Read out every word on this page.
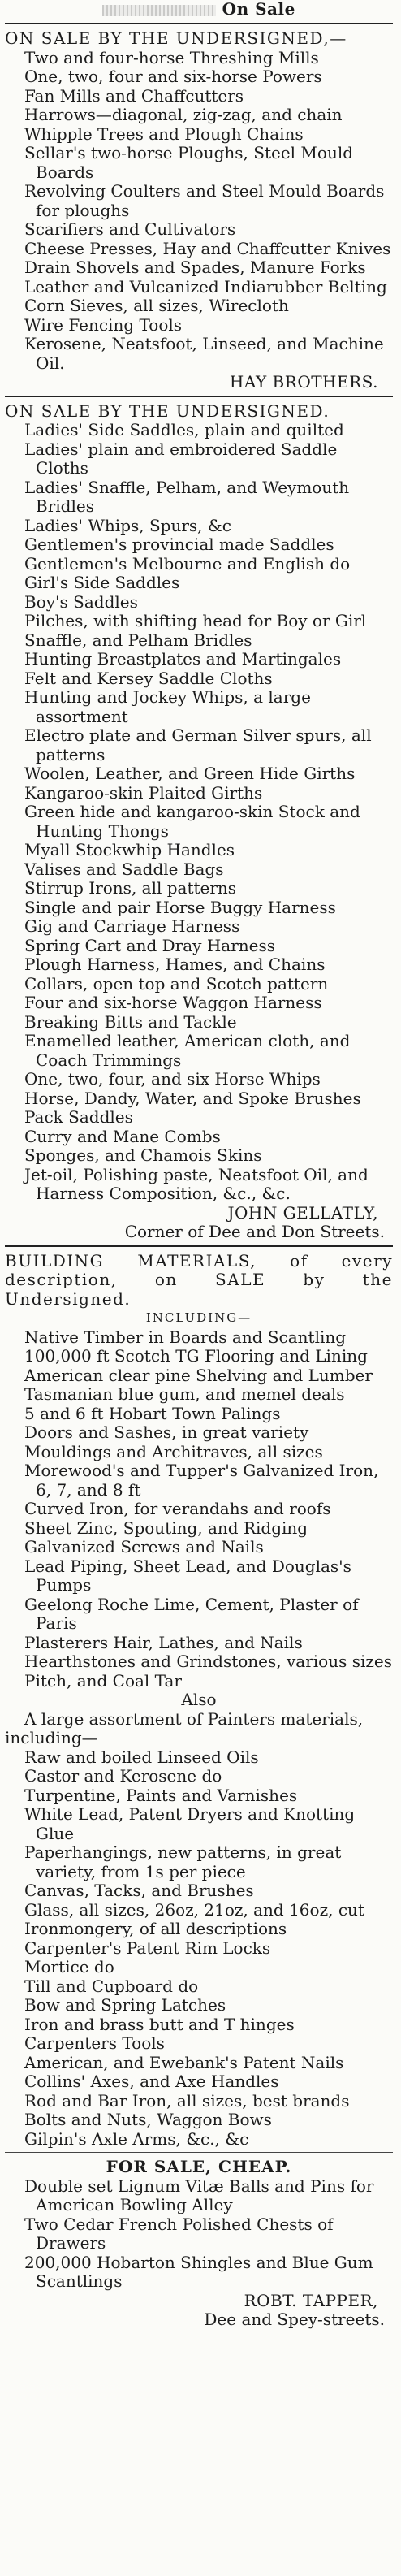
On Sale
ON SALE BY THE UNDERSIGNED,—
Two and four-horse Threshing Mills
One, two, four and six-horse Powers
Fan Mills and Chaffcutters
Harrows—diagonal, zig-zag, and chain
Whipple Trees and Plough Chains
Sellar's two-horse Ploughs, Steel Mould Boards
Revolving Coulters and Steel Mould Boards for ploughs
Scarifiers and Cultivators
Cheese Presses, Hay and Chaffcutter Knives
Drain Shovels and Spades, Manure Forks
Leather and Vulcanized Indiarubber Belting
Corn Sieves, all sizes, Wirecloth
Wire Fencing Tools
Kerosene, Neatsfoot, Linseed, and Machine Oil.
HAY BROTHERS.
ON SALE BY THE UNDERSIGNED.
Ladies' Side Saddles, plain and quilted
Ladies' plain and embroidered Saddle Cloths
Ladies' Snaffle, Pelham, and Weymouth Bridles
Ladies' Whips, Spurs, &c
Gentlemen's provincial made Saddles
Gentlemen's Melbourne and English do
Girl's Side Saddles
Boy's Saddles
Pilches, with shifting head for Boy or Girl
Snaffle, and Pelham Bridles
Hunting Breastplates and Martingales
Felt and Kersey Saddle Cloths
Hunting and Jockey Whips, a large assortment
Electro plate and German Silver spurs, all patterns
Woolen, Leather, and Green Hide Girths
Kangaroo-skin Plaited Girths
Green hide and kangaroo-skin Stock and Hunting Thongs
Myall Stockwhip Handles
Valises and Saddle Bags
Stirrup Irons, all patterns
Single and pair Horse Buggy Harness
Gig and Carriage Harness
Spring Cart and Dray Harness
Plough Harness, Hames, and Chains
Collars, open top and Scotch pattern
Four and six-horse Waggon Harness
Breaking Bitts and Tackle
Enamelled leather, American cloth, and Coach Trimmings
One, two, four, and six Horse Whips
Horse, Dandy, Water, and Spoke Brushes
Pack Saddles
Curry and Mane Combs
Sponges, and Chamois Skins
Jet-oil, Polishing paste, Neatsfoot Oil, and Harness Composition, &c., &c.
JOHN GELLATLY,
Corner of Dee and Don Streets.
BUILDING MATERIALS, of every description, on SALE by the Undersigned.
INCLUDING—
Native Timber in Boards and Scantling
100,000 ft Scotch TG Flooring and Lining
American clear pine Shelving and Lumber
Tasmanian blue gum, and memel deals
5 and 6 ft Hobart Town Palings
Doors and Sashes, in great variety
Mouldings and Architraves, all sizes
Morewood's and Tupper's Galvanized Iron, 6, 7, and 8 ft
Curved Iron, for verandahs and roofs
Sheet Zinc, Spouting, and Ridging
Galvanized Screws and Nails
Lead Piping, Sheet Lead, and Douglas's Pumps
Geelong Roche Lime, Cement, Plaster of Paris
Plasterers Hair, Lathes, and Nails
Hearthstones and Grindstones, various sizes
Pitch, and Coal Tar
Also
A large assortment of Painters materials, including—
Raw and boiled Linseed Oils
Castor and Kerosene do
Turpentine, Paints and Varnishes
White Lead, Patent Dryers and Knotting Glue
Paperhangings, new patterns, in great variety, from 1s per piece
Canvas, Tacks, and Brushes
Glass, all sizes, 26oz, 21oz, and 16oz, cut
Ironmongery, of all descriptions
Carpenter's Patent Rim Locks
Mortice do
Till and Cupboard do
Bow and Spring Latches
Iron and brass butt and T hinges
Carpenters Tools
American, and Ewebank's Patent Nails
Collins' Axes, and Axe Handles
Rod and Bar Iron, all sizes, best brands
Bolts and Nuts, Waggon Bows
Gilpin's Axle Arms, &c., &c
FOR SALE, CHEAP.
Double set Lignum Vitæ Balls and Pins for American Bowling Alley
Two Cedar French Polished Chests of Drawers
200,000 Hobarton Shingles and Blue Gum Scantlings
ROBT. TAPPER,
Dee and Spey-streets.
